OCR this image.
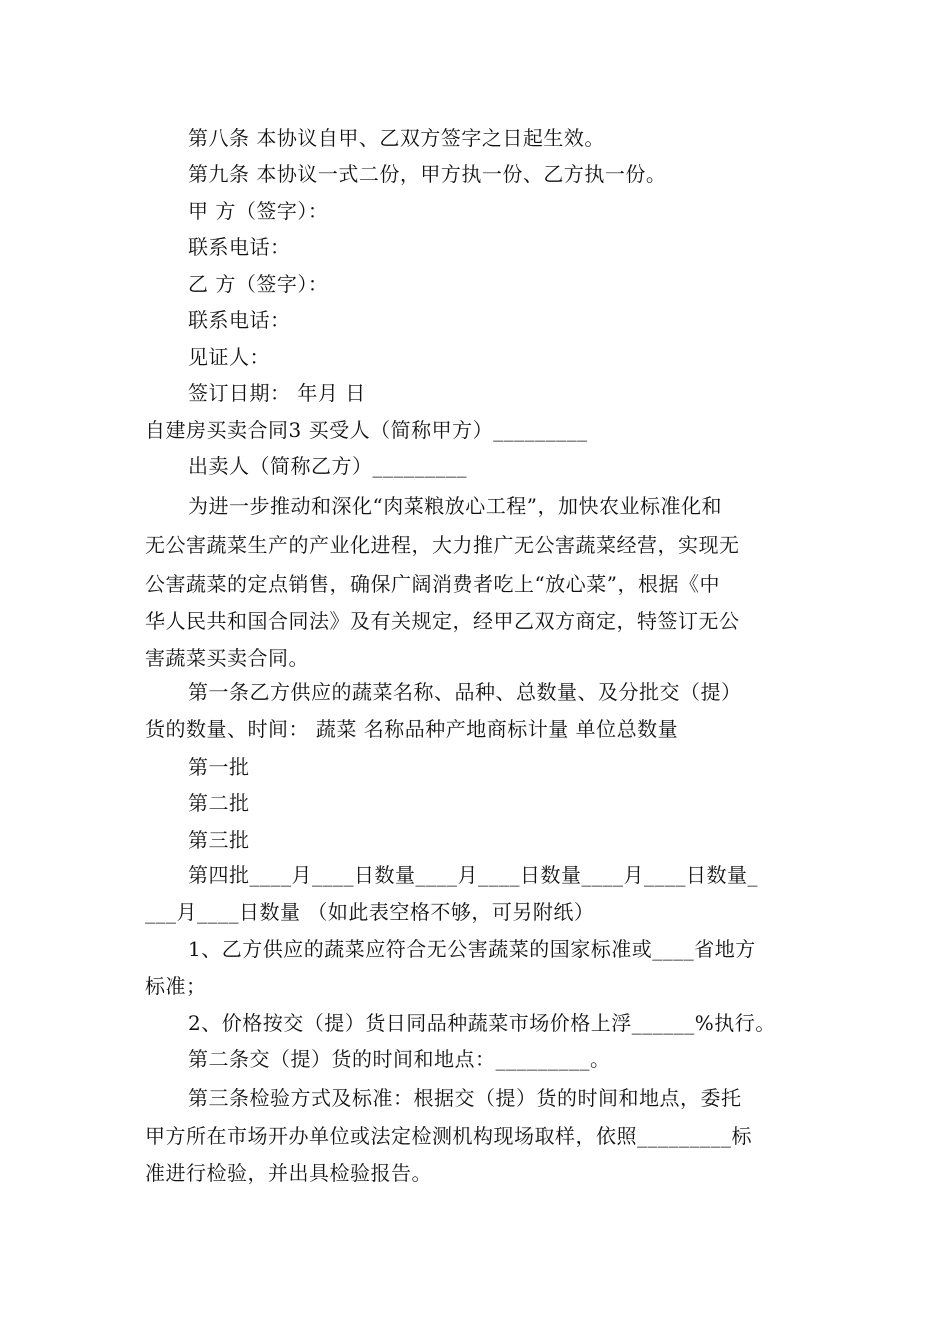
第八条 本协议自甲、乙双方签字之日起生效。
第九条 本协议一式二份，甲方执一份、乙方执一份。
甲 方（签字）：
联系电话：
乙 方（签字）：
联系电话：
见证人：
签订日期： 年月 日
自建房买卖合同3 买受人（简称甲方）_________
出卖人（简称乙方）_________
为进一步推动和深化“肉菜粮放心工程”，加快农业标准化和
无公害蔬菜生产的产业化进程，大力推广无公害蔬菜经营，实现无
公害蔬菜的定点销售，确保广阔消费者吃上“放心菜”，根据《中
华人民共和国合同法》及有关规定，经甲乙双方商定，特签订无公
害蔬菜买卖合同。
第一条乙方供应的蔬菜名称、品种、总数量、及分批交（提）
货的数量、时间： 蔬菜 名称品种产地商标计量 单位总数量
第一批
第二批
第三批
第四批____月____日数量____月____日数量____月____日数量_
___月____日数量 （如此表空格不够，可另附纸）
1、乙方供应的蔬菜应符合无公害蔬菜的国家标准或____省地方
标准；
2、价格按交（提）货日同品种蔬菜市场价格上浮______%执行。
第二条交（提）货的时间和地点：_________。
第三条检验方式及标准：根据交（提）货的时间和地点，委托
甲方所在市场开办单位或法定检测机构现场取样，依照_________标
准进行检验，并出具检验报告。
